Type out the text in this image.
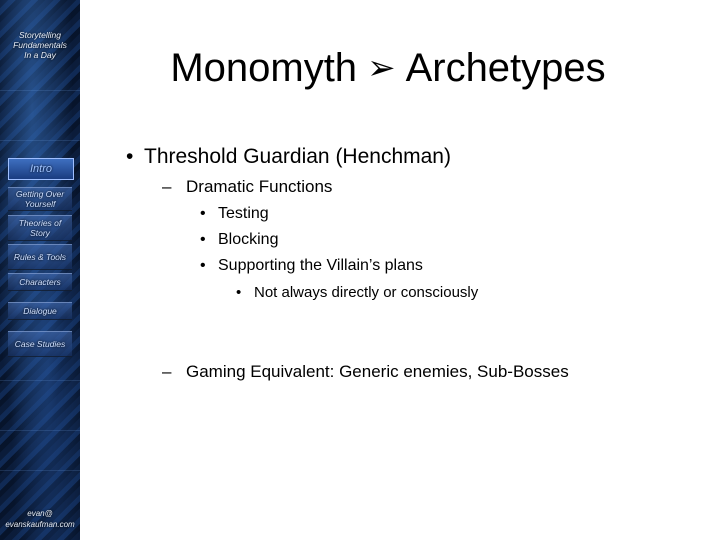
Storytelling
Fundamentals
In a Day
Intro
Getting Over Yourself
Theories of Story
Rules & Tools
Characters
Dialogue
Case Studies
evan@
evanskaufman.com
Monomyth ➢ Archetypes
• Threshold Guardian (Henchman)
– Dramatic Functions
• Testing
• Blocking
• Supporting the Villain’s plans
• Not always directly or consciously
– Gaming Equivalent: Generic enemies, Sub-Bosses
